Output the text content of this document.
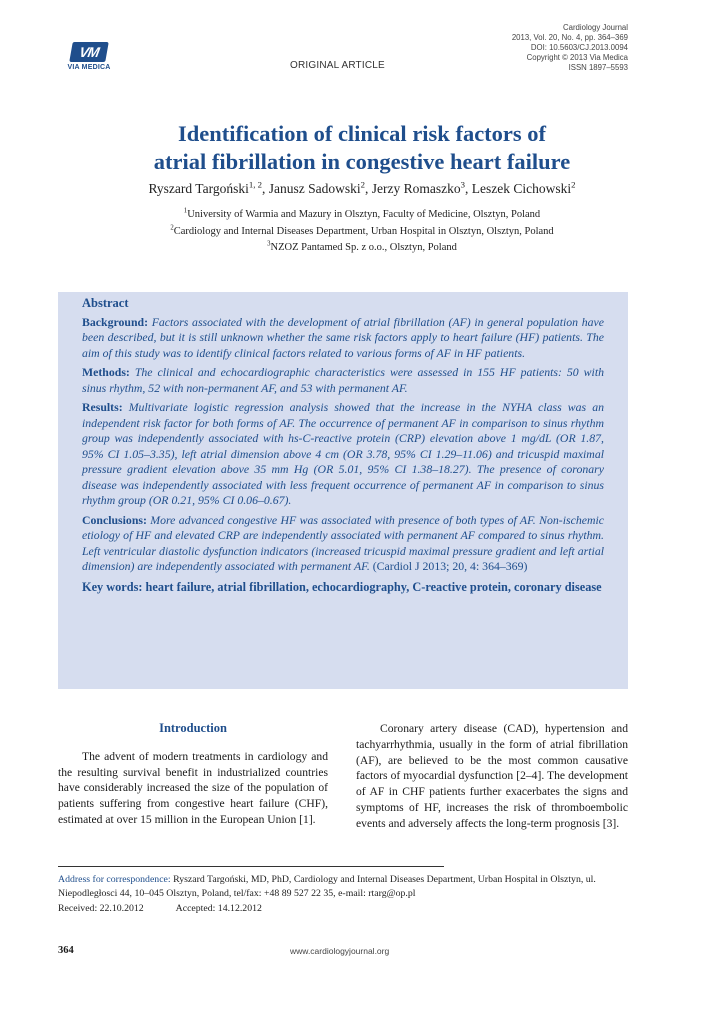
VM
VIA MEDICA	ORIGINAL ARTICLE
Cardiology Journal
2013, Vol. 20, No. 4, pp. 364–369
DOI: 10.5603/CJ.2013.0094
Copyright © 2013 Via Medica
ISSN 1897–5593
Identification of clinical risk factors of
atrial fibrillation in congestive heart failure
Ryszard Targoński$^{1, 2}$, Janusz Sadowski$^2$, Jerzy Romaszko$^3$, Leszek Cichowski$^2$
$^1$University of Warmia and Mazury in Olsztyn, Faculty of Medicine, Olsztyn, Poland
$^2$Cardiology and Internal Diseases Department, Urban Hospital in Olsztyn, Olsztyn, Poland
$^3$NZOZ Pantamed Sp. z o.o., Olsztyn, Poland
Abstract

Background: Factors associated with the development of atrial fibrillation (AF) in general population have been described, but it is still unknown whether the same risk factors apply to heart failure (HF) patients. The aim of this study was to identify clinical factors related to various forms of AF in HF patients.

Methods: The clinical and echocardiographic characteristics were assessed in 155 HF patients: 50 with sinus rhythm, 52 with non-permanent AF, and 53 with permanent AF.

Results: Multivariate logistic regression analysis showed that the increase in the NYHA class was an independent risk factor for both forms of AF. The occurrence of permanent AF in comparison to sinus rhythm group was independently associated with hs-C-reactive protein (CRP) elevation above 1 mg/dL (OR 1.87, 95% CI 1.05–3.35), left atrial dimension above 4 cm (OR 3.78, 95% CI 1.29–11.06) and tricuspid maximal pressure gradient elevation above 35 mm Hg (OR 5.01, 95% CI 1.38–18.27). The presence of coronary disease was independently associated with less frequent occurrence of permanent AF in comparison to sinus rhythm group (OR 0.21, 95% CI 0.06–0.67).

Conclusions: More advanced congestive HF was associated with presence of both types of AF. Non-ischemic etiology of HF and elevated CRP are independently associated with permanent AF compared to sinus rhythm. Left ventricular diastolic dysfunction indicators (increased tricuspid maximal pressure gradient and left artial dimension) are independently associated with permanent AF. (Cardiol J 2013; 20, 4: 364–369)

Key words: heart failure, atrial fibrillation, echocardiography, C-reactive protein, coronary disease

Introduction

The advent of modern treatments in cardiology and the resulting survival benefit in industrialized countries have considerably increased the size of the population of patients suffering from congestive heart failure (CHF), estimated at over 15 million in the European Union [1].

Coronary artery disease (CAD), hypertension and tachyarrhythmia, usually in the form of atrial fibrillation (AF), are believed to be the most common causative factors of myocardial dysfunction [2–4]. The development of AF in CHF patients further exacerbates the signs and symptoms of HF, increases the risk of thromboembolic events and adversely affects the long-term prognosis [3].

Address for correspondence: Ryszard Targoński, MD, PhD, Cardiology and Internal Diseases Department, Urban Hospital in Olsztyn, ul. Niepodległosci 44, 10–045 Olsztyn, Poland, tel/fax: +48 89 527 22 35, e-mail: rtarg@op.pl
Received: 22.10.2012	Accepted: 14.12.2012
364	www.cardiologyjournal.org
